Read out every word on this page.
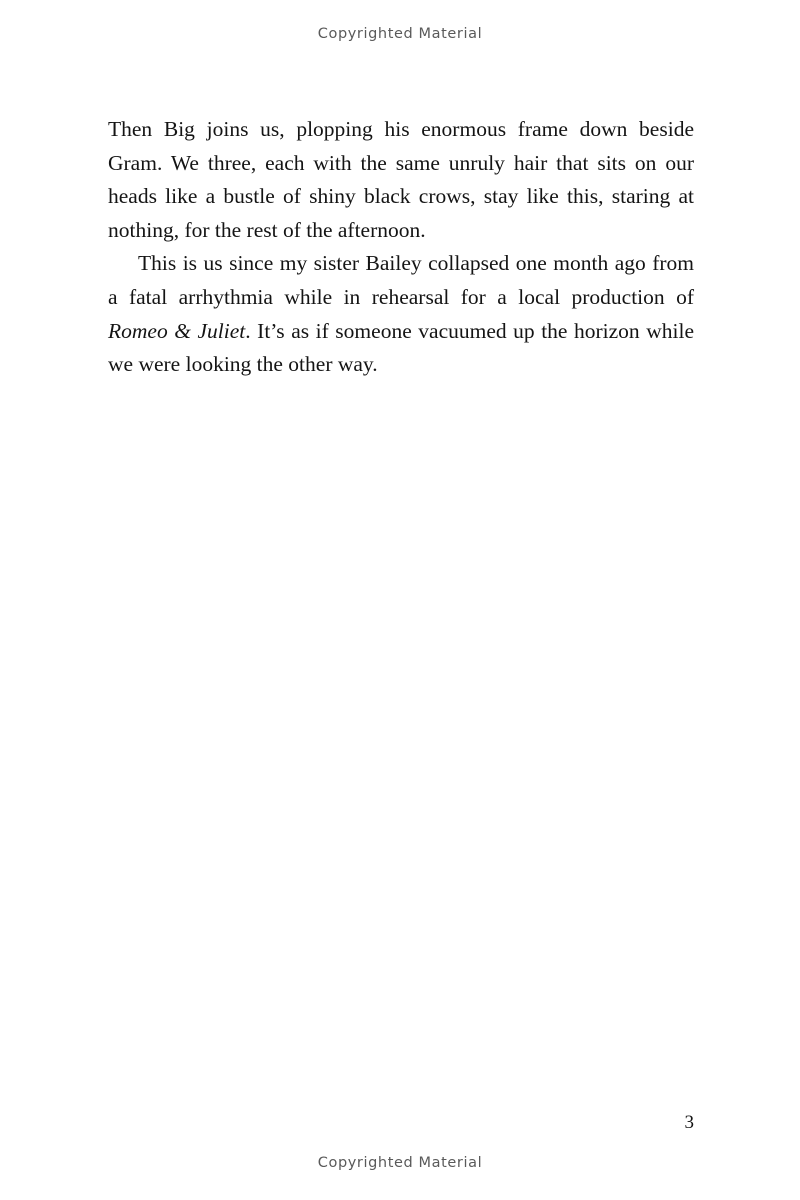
Copyrighted Material

Then Big joins us, plopping his enormous frame down beside Gram. We three, each with the same unruly hair that sits on our heads like a bustle of shiny black crows, stay like this, staring at nothing, for the rest of the afternoon.

This is us since my sister Bailey collapsed one month ago from a fatal arrhythmia while in rehearsal for a local production of Romeo & Juliet. It’s as if someone vacuumed up the horizon while we were looking the other way.

3
Copyrighted Material
